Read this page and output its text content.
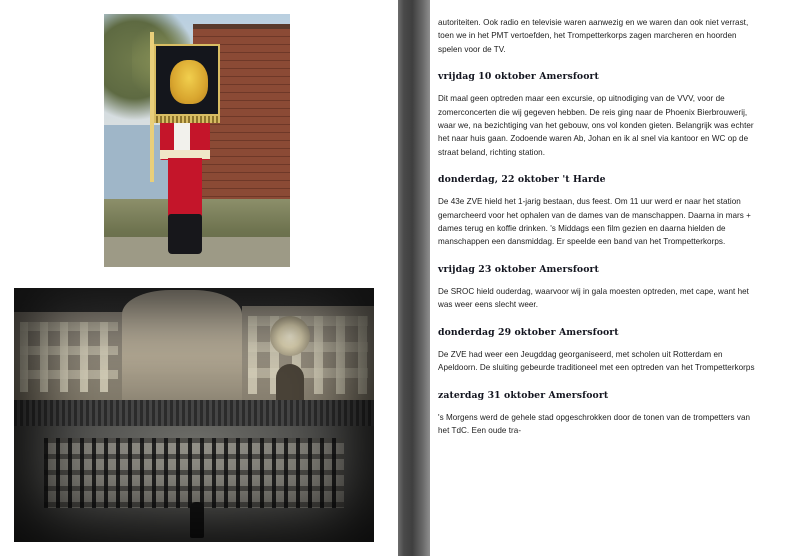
autoriteiten. Ook radio en televisie waren aanwezig en we waren dan ook niet verrast, toen we in het PMT vertoefden, het Trompetterkorps zagen marcheren en hoorden spelen voor de TV.

vrijdag 10 oktober Amersfoort

Dit maal geen optreden maar een excursie, op uitnodiging van de VVV, voor de zomerconcerten die wij gegeven hebben. De reis ging naar de Phoenix Bierbrouwerij, waar we, na bezichtiging van het gebouw, ons vol konden gieten. Belangrijk was echter het naar huis gaan. Zodoende waren Ab, Johan en ik al snel via kantoor en WC op de straat beland, richting station.

donderdag, 22 oktober 't Harde

De 43e ZVE hield het 1-jarig bestaan, dus feest. Om 11 uur werd er naar het station gemarcheerd voor het ophalen van de dames van de manschappen. Daarna in mars + dames terug en koffie drinken. 's Middags een film gezien en daarna hielden de manschappen een dansmiddag. Er speelde een band van het Trompetterkorps.

vrijdag 23 oktober Amersfoort

De SROC hield ouderdag, waarvoor wij in gala moesten optreden, met cape, want het was weer eens slecht weer.

donderdag 29 oktober Amersfoort

De ZVE had weer een Jeugddag georganiseerd, met scholen uit Rotterdam en Apeldoorn. De sluiting gebeurde traditioneel met een optreden van het Trompetterkorps

zaterdag 31 oktober Amersfoort

's Morgens werd de gehele stad opgeschrokken door de tonen van de trompetters van het TdC. Een oude tra-
